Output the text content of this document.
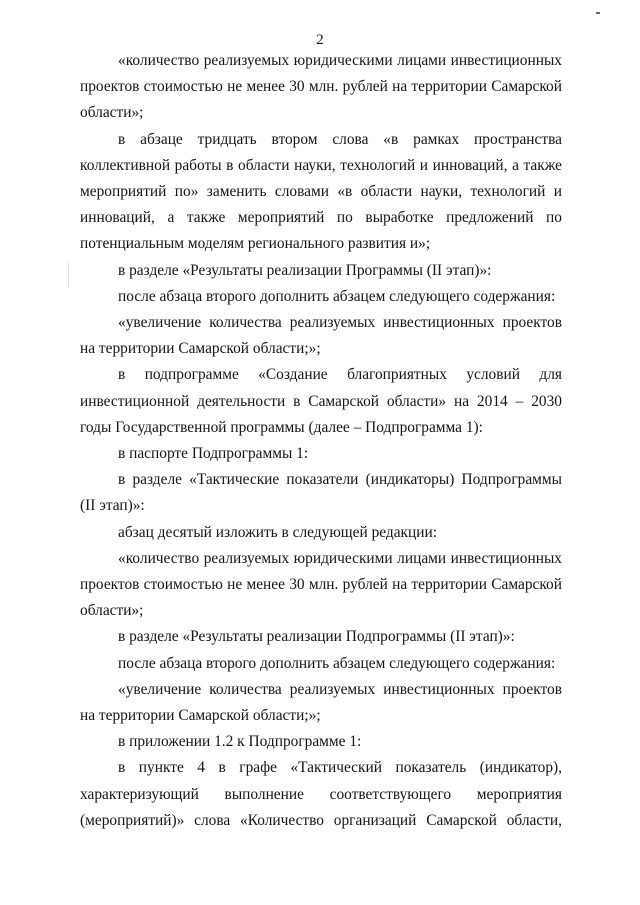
2

«количество реализуемых юридическими лицами инвестиционных проектов стоимостью не менее 30 млн. рублей на территории Самарской области»;

в абзаце тридцать втором слова «в рамках пространства коллективной работы в области науки, технологий и инноваций, а также мероприятий по» заменить словами «в области науки, технологий и инноваций, а также мероприятий по выработке предложений по потенциальным моделям регионального развития и»;

в разделе «Результаты реализации Программы (II этап)»:

после абзаца второго дополнить абзацем следующего содержания:

«увеличение количества реализуемых инвестиционных проектов на территории Самарской области;»;

в подпрограмме «Создание благоприятных условий для инвестиционной деятельности в Самарской области» на 2014 – 2030 годы Государственной программы (далее – Подпрограмма 1):

в паспорте Подпрограммы 1:

в разделе «Тактические показатели (индикаторы) Подпрограммы (II этап)»:

абзац десятый изложить в следующей редакции:

«количество реализуемых юридическими лицами инвестиционных проектов стоимостью не менее 30 млн. рублей на территории Самарской области»;

в разделе «Результаты реализации Подпрограммы (II этап)»:

после абзаца второго дополнить абзацем следующего содержания:

«увеличение количества реализуемых инвестиционных проектов на территории Самарской области;»;

в приложении 1.2 к Подпрограмме 1:

в пункте 4 в графе «Тактический показатель (индикатор), характеризующий выполнение соответствующего мероприятия (мероприятий)» слова «Количество организаций Самарской области,
